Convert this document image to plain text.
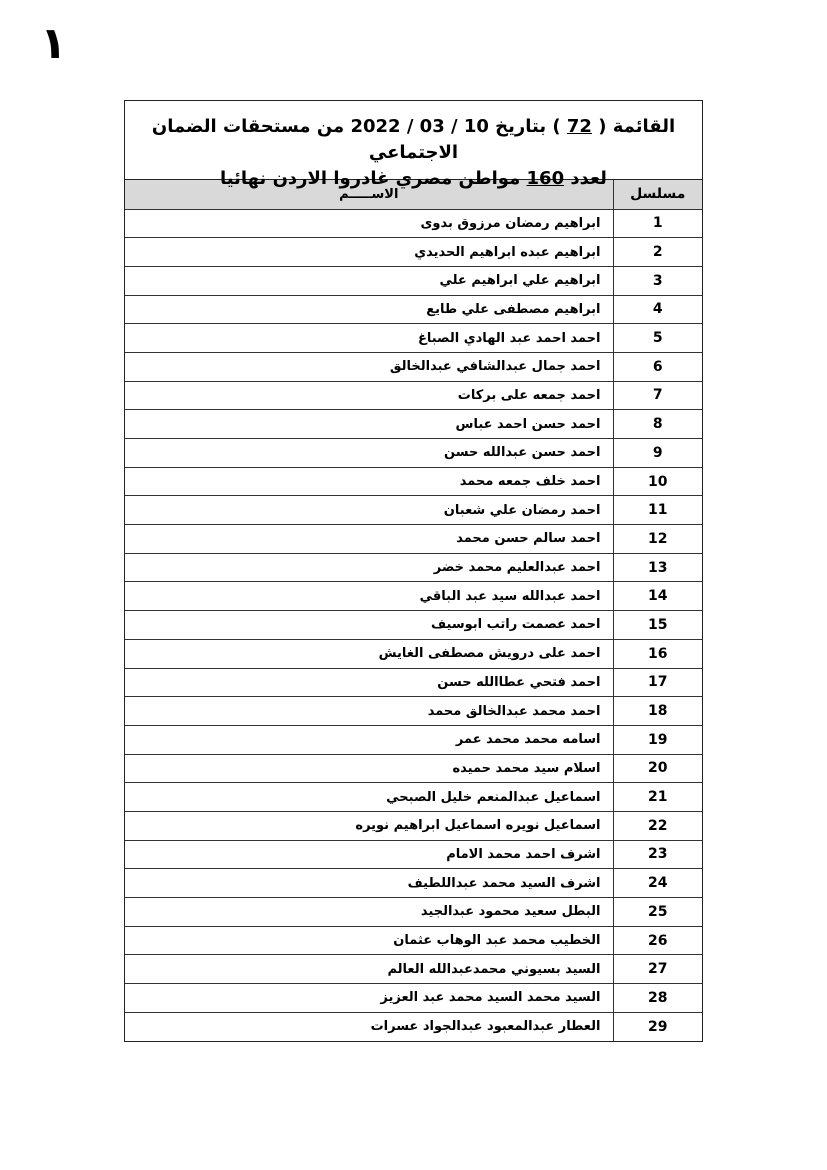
١
القائمة ( 72 ) بتاريخ 10 / 03 / 2022 من مستحقات الضمان الاجتماعي
لعدد 160 مواطن مصري غادروا الاردن نهائيا
مسلسل	الاســـــم
1	ابراهيم رمضان مرزوق بدوى
2	ابراهيم عبده ابراهيم الحديدي
3	ابراهيم علي ابراهيم علي
4	ابراهيم مصطفى علي طايع
5	احمد احمد عبد الهادي الصباغ
6	احمد جمال عبدالشافي عبدالخالق
7	احمد جمعه على بركات
8	احمد حسن احمد عباس
9	احمد حسن عبدالله حسن
10	احمد خلف جمعه محمد
11	احمد رمضان علي شعبان
12	احمد سالم حسن محمد
13	احمد عبدالعليم محمد خضر
14	احمد عبدالله سيد عبد الباقي
15	احمد عصمت راتب ابوسيف
16	احمد على درويش مصطفى الغايش
17	احمد فتحي عطاالله حسن
18	احمد محمد عبدالخالق محمد
19	اسامه محمد محمد عمر
20	اسلام سيد محمد حميده
21	اسماعيل عبدالمنعم خليل الصبحي
22	اسماعيل نويره اسماعيل ابراهيم نويره
23	اشرف احمد محمد الامام
24	اشرف السيد محمد عبداللطيف
25	البطل سعيد محمود عبدالجيد
26	الخطيب محمد عبد الوهاب عثمان
27	السيد بسيوني محمدعبدالله العالم
28	السيد محمد السيد محمد عبد العزيز
29	العطار عبدالمعبود عبدالجواد عسرات
